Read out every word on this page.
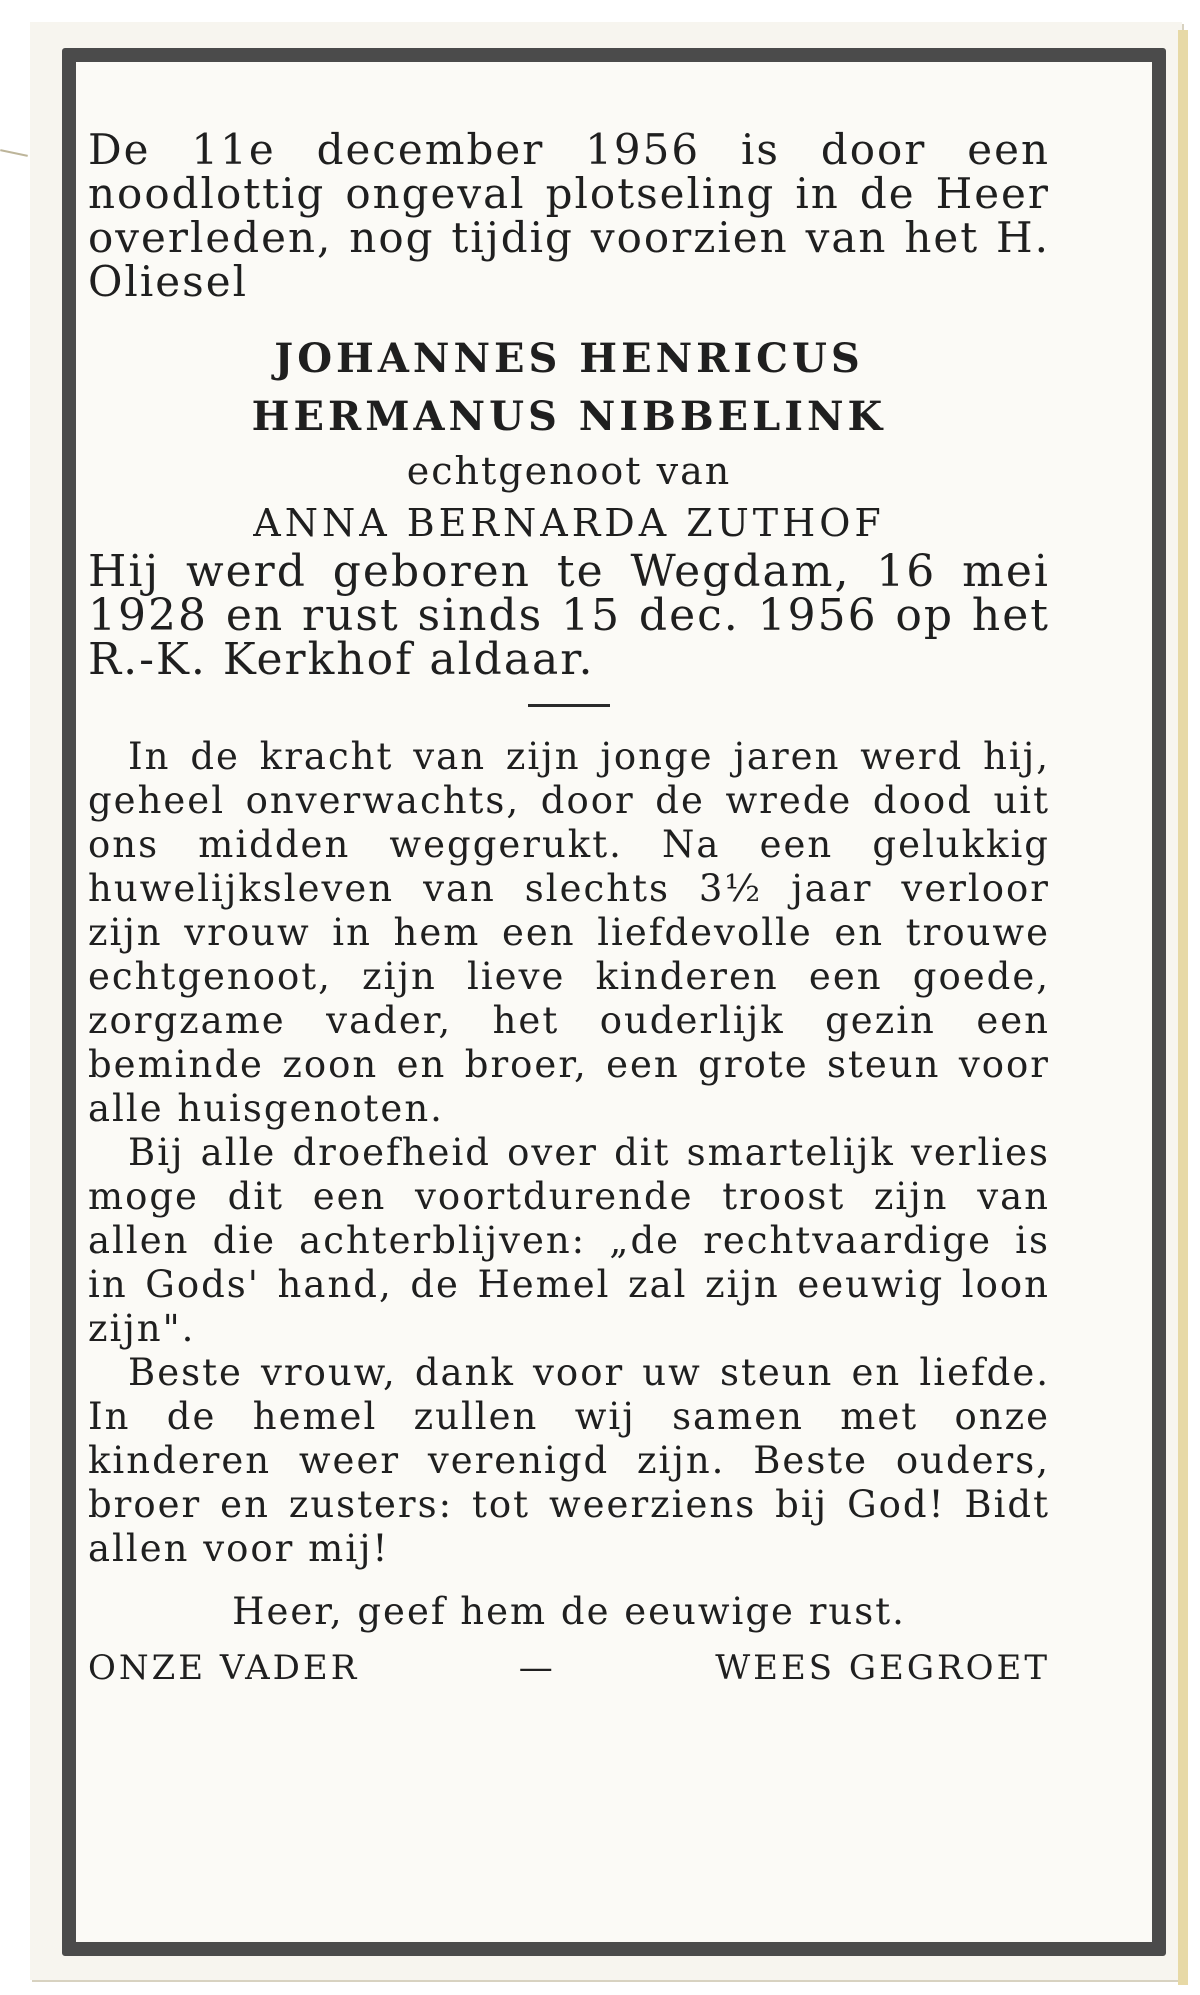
De 11e december 1956 is door een noodlottig ongeval plotseling in de Heer overleden, nog tijdig voorzien van het H. Oliesel

JOHANNES HENRICUS

HERMANUS NIBBELINK

echtgenoot van

ANNA BERNARDA ZUTHOF

Hij werd geboren te Wegdam, 16 mei 1928 en rust sinds 15 dec. 1956 op het R.-K. Kerkhof aldaar.

In de kracht van zijn jonge jaren werd hij, geheel onverwachts, door de wrede dood uit ons midden weggerukt. Na een gelukkig huwelijksleven van slechts 3½ jaar verloor zijn vrouw in hem een liefdevolle en trouwe echtgenoot, zijn lieve kinderen een goede, zorgzame vader, het ouderlijk gezin een beminde zoon en broer, een grote steun voor alle huisgenoten.

Bij alle droefheid over dit smartelijk verlies moge dit een voortdurende troost zijn van allen die achterblijven: „de rechtvaardige is in Gods' hand, de Hemel zal zijn eeuwig loon zijn".

Beste vrouw, dank voor uw steun en liefde. In de hemel zullen wij samen met onze kinderen weer verenigd zijn. Beste ouders, broer en zusters: tot weerziens bij God! Bidt allen voor mij!

Heer, geef hem de eeuwige rust.

ONZE VADER	—	WEES GEGROET
